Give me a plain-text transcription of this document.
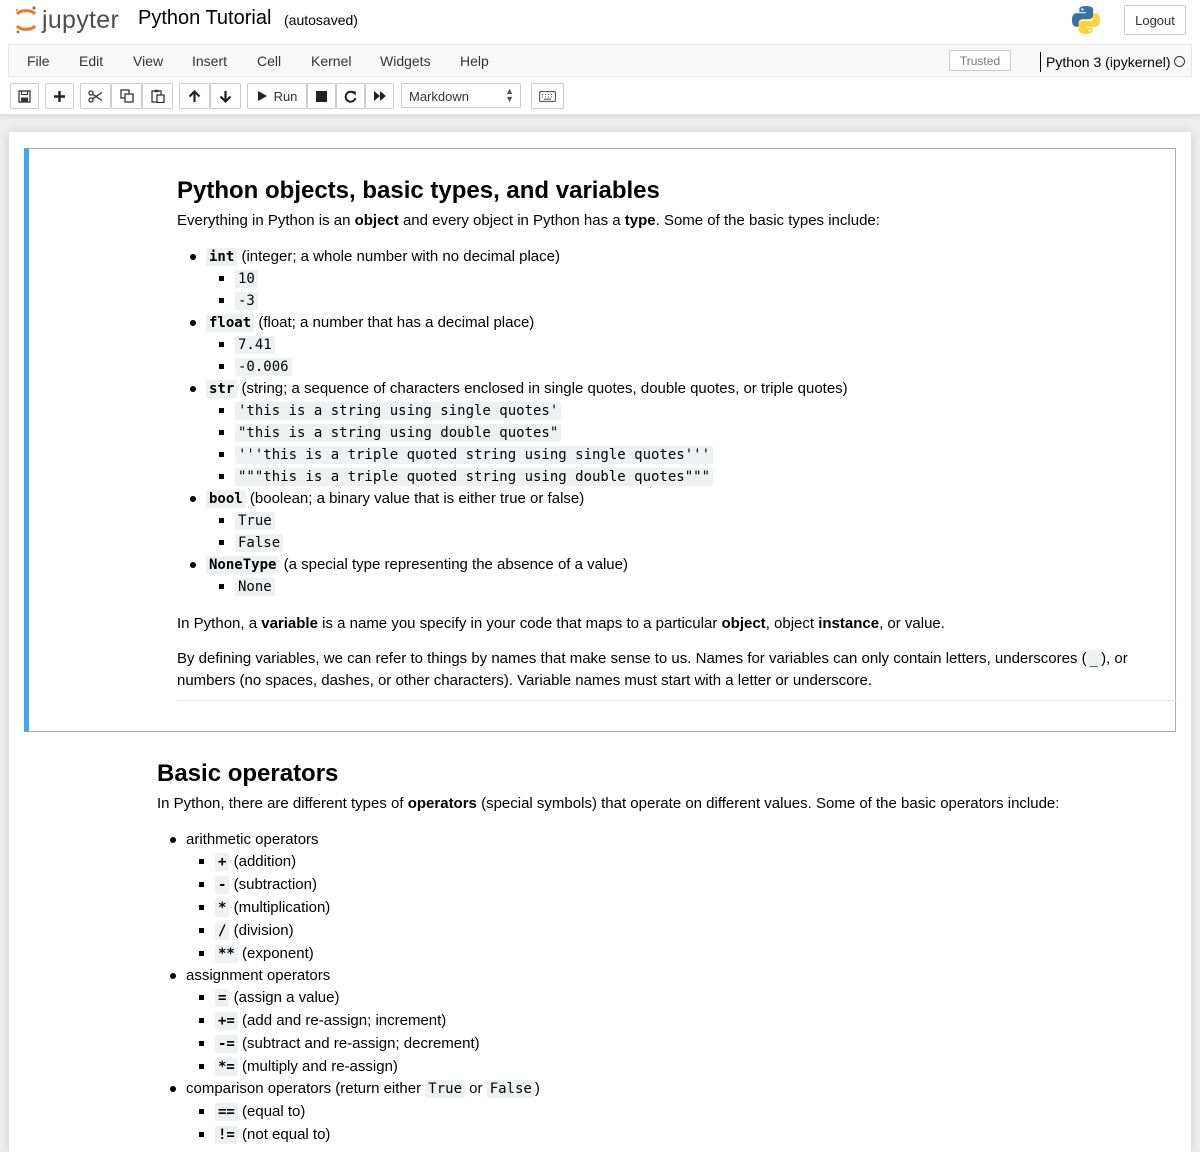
jupyter Python Tutorial (autosaved)	Logout
File Edit View Insert Cell Kernel Widgets Help	Trusted	Python 3 (ipykernel)
Run	Markdown	▲
▼
Python objects, basic types, and variables

Everything in Python is an object and every object in Python has a type. Some of the basic types include:

int (integer; a whole number with no decimal place)
10
-3
float (float; a number that has a decimal place)
7.41
-0.006
str (string; a sequence of characters enclosed in single quotes, double quotes, or triple quotes)
'this is a string using single quotes'
"this is a string using double quotes"
'''this is a triple quoted string using single quotes'''
"""this is a triple quoted string using double quotes"""
bool (boolean; a binary value that is either true or false)
True
False
NoneType (a special type representing the absence of a value)
None

In Python, a variable is a name you specify in your code that maps to a particular object, object instance, or value.

By defining variables, we can refer to things by names that make sense to us. Names for variables can only contain letters, underscores ( _ ), or numbers (no spaces, dashes, or other characters). Variable names must start with a letter or underscore.

Basic operators

In Python, there are different types of operators (special symbols) that operate on different values. Some of the basic operators include:

arithmetic operators
+ (addition)
- (subtraction)
* (multiplication)
/ (division)
** (exponent)
assignment operators
= (assign a value)
+= (add and re-assign; increment)
-= (subtract and re-assign; decrement)
*= (multiply and re-assign)
comparison operators (return either True or False )
== (equal to)
!= (not equal to)
